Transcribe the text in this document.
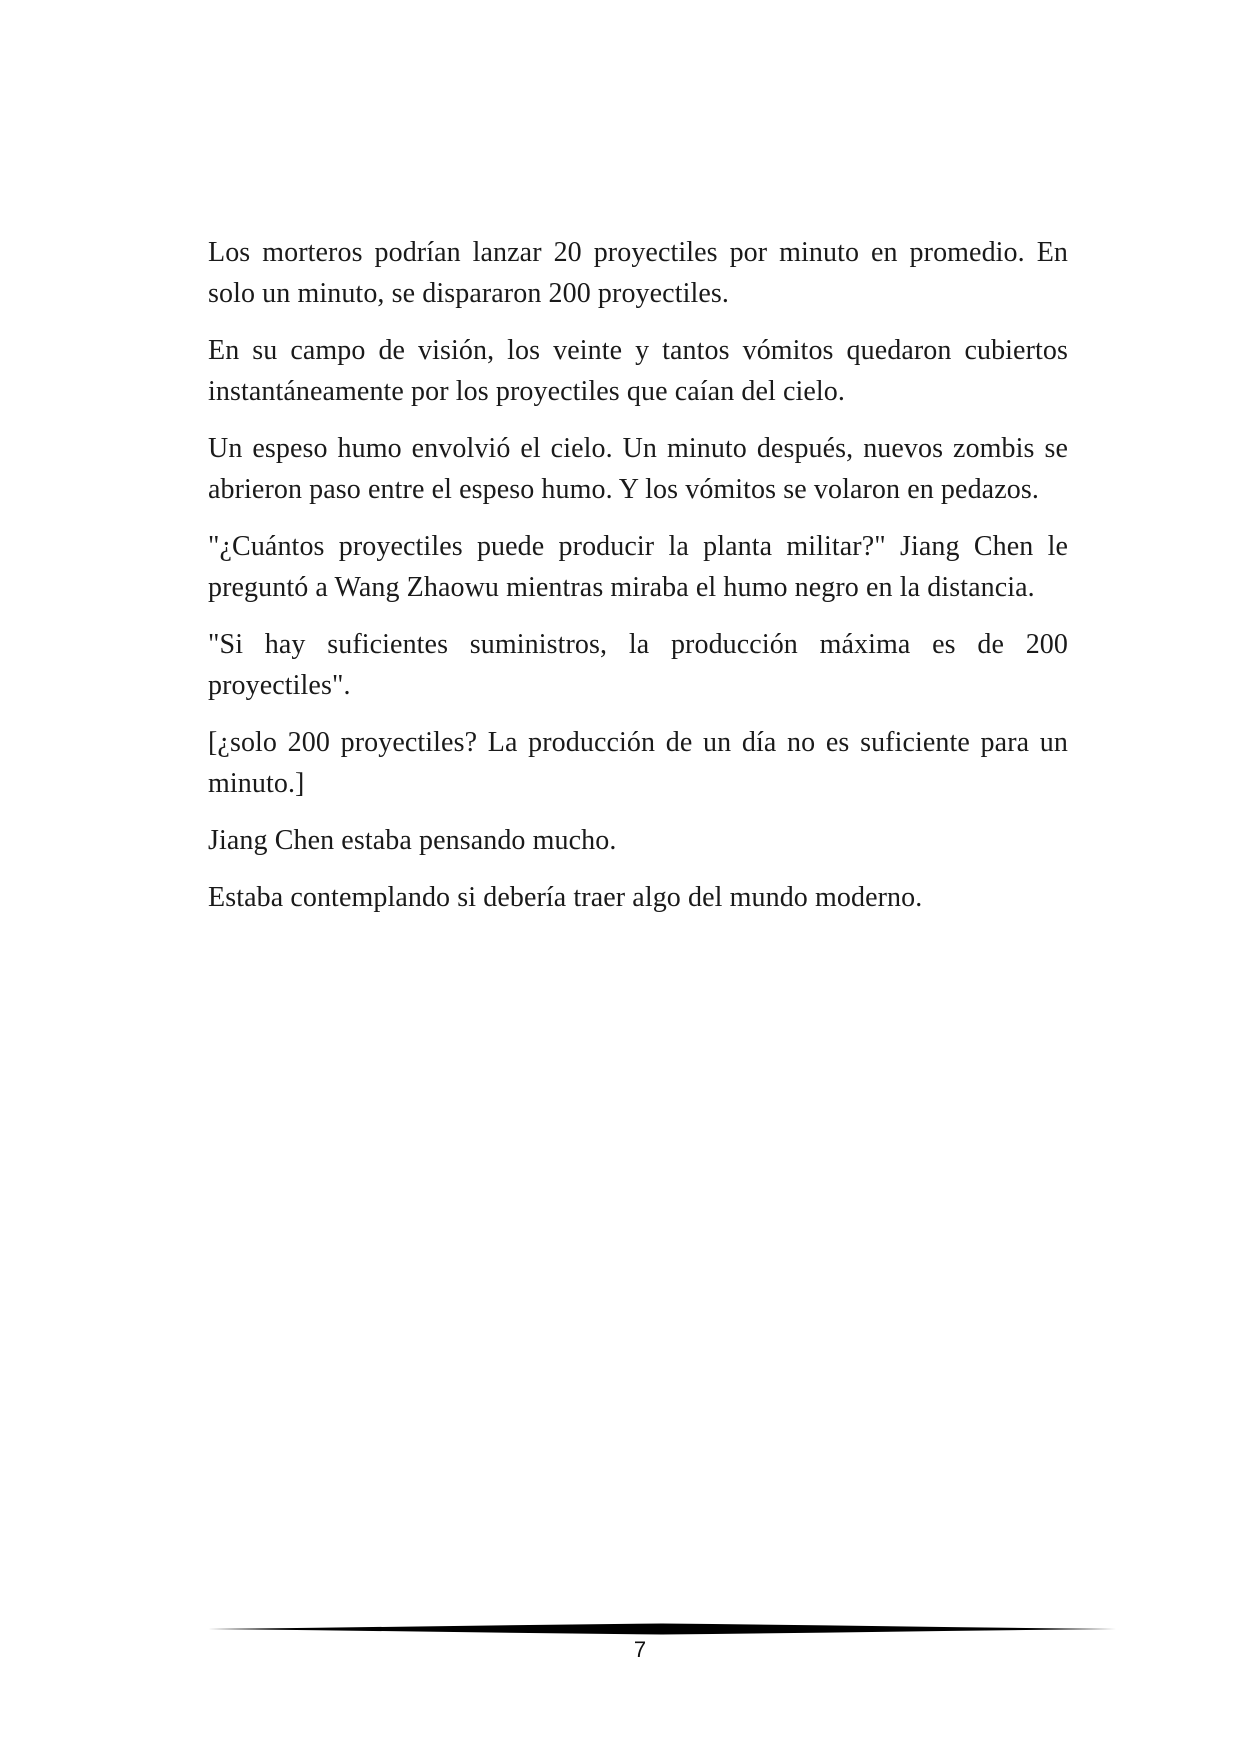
Los morteros podrían lanzar 20 proyectiles por minuto en promedio. En solo un minuto, se dispararon 200 proyectiles.

En su campo de visión, los veinte y tantos vómitos quedaron cubiertos instantáneamente por los proyectiles que caían del cielo.

Un espeso humo envolvió el cielo. Un minuto después, nuevos zombis se abrieron paso entre el espeso humo. Y los vómitos se volaron en pedazos.

"¿Cuántos proyectiles puede producir la planta militar?" Jiang Chen le preguntó a Wang Zhaowu mientras miraba el humo negro en la distancia.

"Si hay suficientes suministros, la producción máxima es de 200 proyectiles".

[¿solo 200 proyectiles? La producción de un día no es suficiente para un minuto.]

Jiang Chen estaba pensando mucho.

Estaba contemplando si debería traer algo del mundo moderno.

7
